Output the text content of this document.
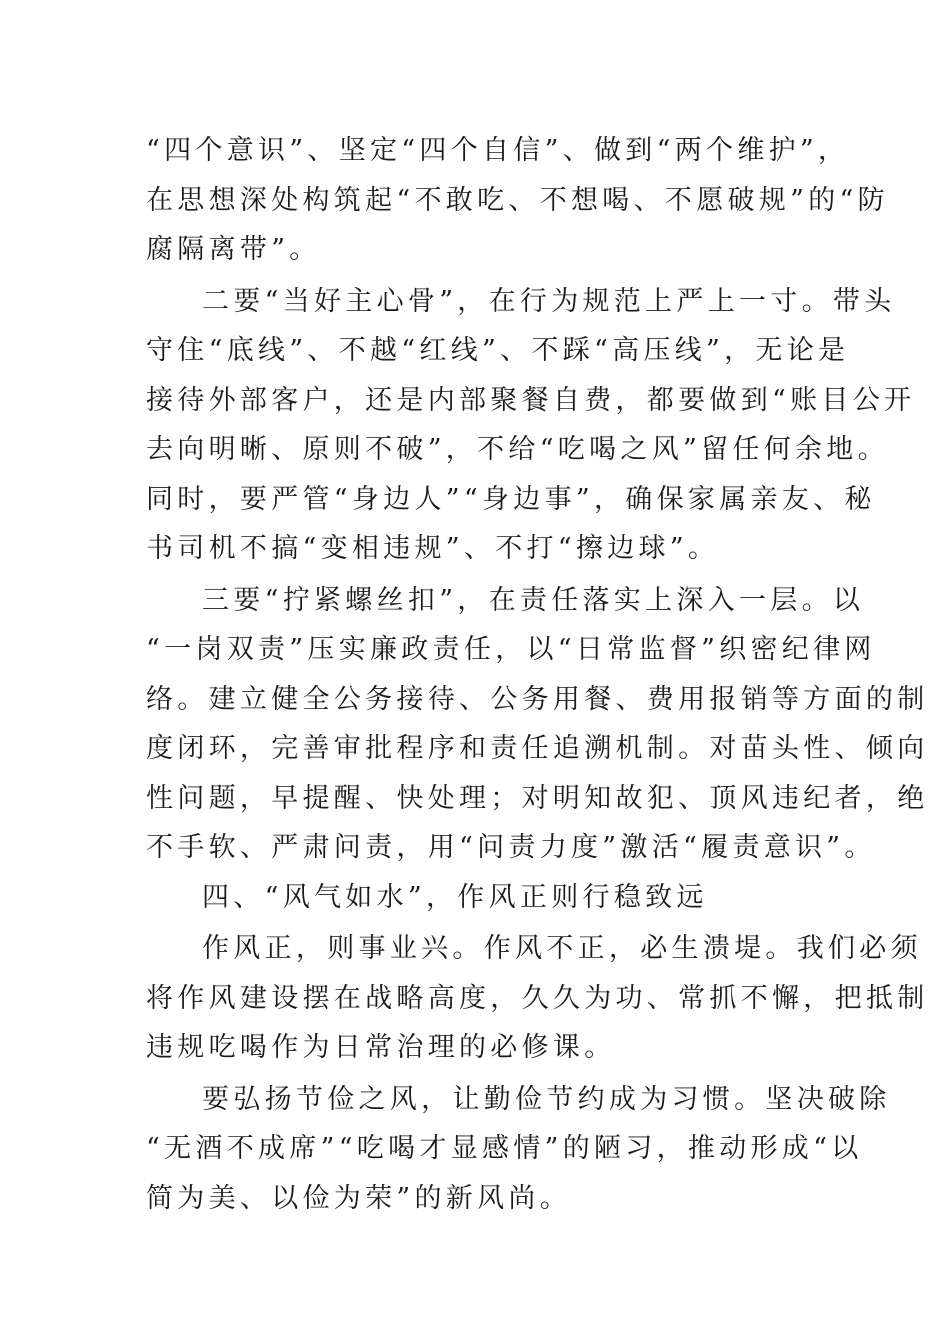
“四个意识”、坚定“四个自信”、做到“两个维护”，
在思想深处构筑起“不敢吃、不想喝、不愿破规”的“防
腐隔离带”。
二要“当好主心骨”，在行为规范上严上一寸。带头
守住“底线”、不越“红线”、不踩“高压线”，无论是
接待外部客户，还是内部聚餐自费，都要做到“账目公开
去向明晰、原则不破”，不给“吃喝之风”留任何余地。
同时，要严管“身边人”“身边事”，确保家属亲友、秘
书司机不搞“变相违规”、不打“擦边球”。
三要“拧紧螺丝扣”，在责任落实上深入一层。以
“一岗双责”压实廉政责任，以“日常监督”织密纪律网
络。建立健全公务接待、公务用餐、费用报销等方面的制
度闭环，完善审批程序和责任追溯机制。对苗头性、倾向
性问题，早提醒、快处理；对明知故犯、顶风违纪者，绝
不手软、严肃问责，用“问责力度”激活“履责意识”。
四、“风气如水”，作风正则行稳致远
作风正，则事业兴。作风不正，必生溃堤。我们必须
将作风建设摆在战略高度，久久为功、常抓不懈，把抵制
违规吃喝作为日常治理的必修课。
要弘扬节俭之风，让勤俭节约成为习惯。坚决破除
“无酒不成席”“吃喝才显感情”的陋习，推动形成“以
简为美、以俭为荣”的新风尚。
